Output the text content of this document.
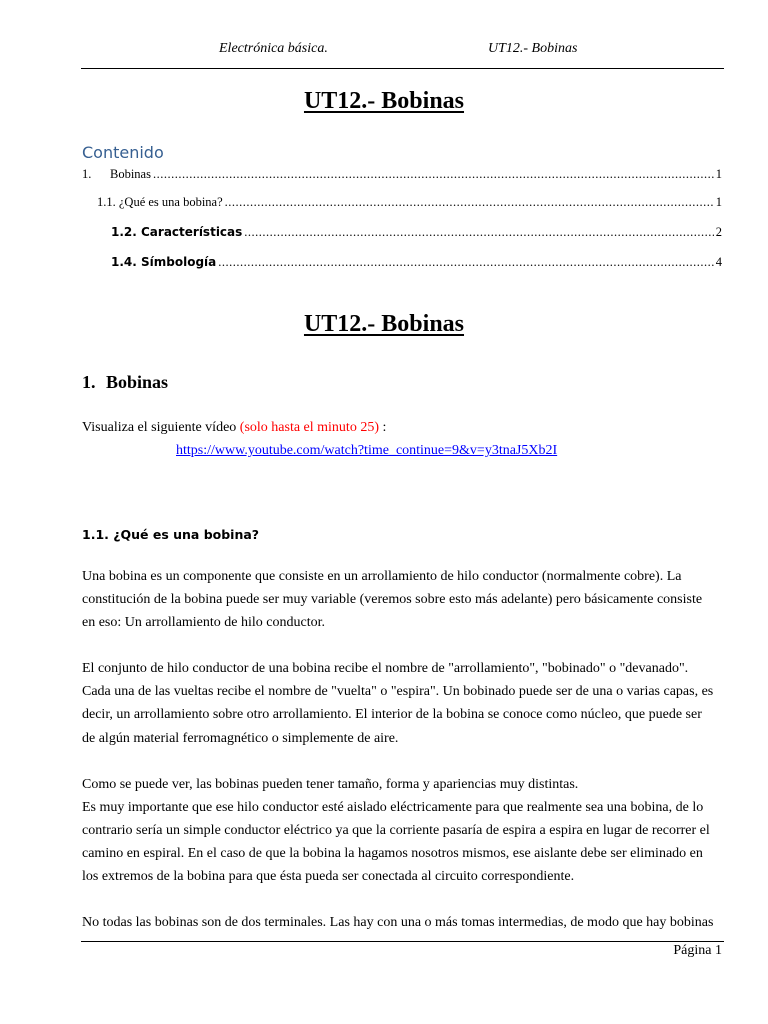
Electrónica básica.	UT12.- Bobinas
UT12.- Bobinas
Contenido
1. Bobinas .....	1
1.1. ¿Qué es una bobina? .....	1
1.2. Características .....	2
1.4. Símbología .....	4
UT12.- Bobinas
1. Bobinas
Visualiza el siguiente vídeo (solo hasta el minuto 25) :
https://www.youtube.com/watch?time_continue=9&v=y3tnaJ5Xb2I
1.1. ¿Qué es una bobina?
Una bobina es un componente que consiste en un arrollamiento de hilo conductor (normalmente cobre). La
constitución de la bobina puede ser muy variable (veremos sobre esto más adelante) pero básicamente consiste
en eso: Un arrollamiento de hilo conductor.
El conjunto de hilo conductor de una bobina recibe el nombre de "arrollamiento", "bobinado" o "devanado".
Cada una de las vueltas recibe el nombre de "vuelta" o "espira". Un bobinado puede ser de una o varias capas, es
decir, un arrollamiento sobre otro arrollamiento. El interior de la bobina se conoce como núcleo, que puede ser
de algún material ferromagnético o simplemente de aire.
Como se puede ver, las bobinas pueden tener tamaño, forma y apariencias muy distintas.
Es muy importante que ese hilo conductor esté aislado eléctricamente para que realmente sea una bobina, de lo
contrario sería un simple conductor eléctrico ya que la corriente pasaría de espira a espira en lugar de recorrer el
camino en espiral. En el caso de que la bobina la hagamos nosotros mismos, ese aislante debe ser eliminado en
los extremos de la bobina para que ésta pueda ser conectada al circuito correspondiente.
No todas las bobinas son de dos terminales. Las hay con una o más tomas intermedias, de modo que hay bobinas
Página 1
